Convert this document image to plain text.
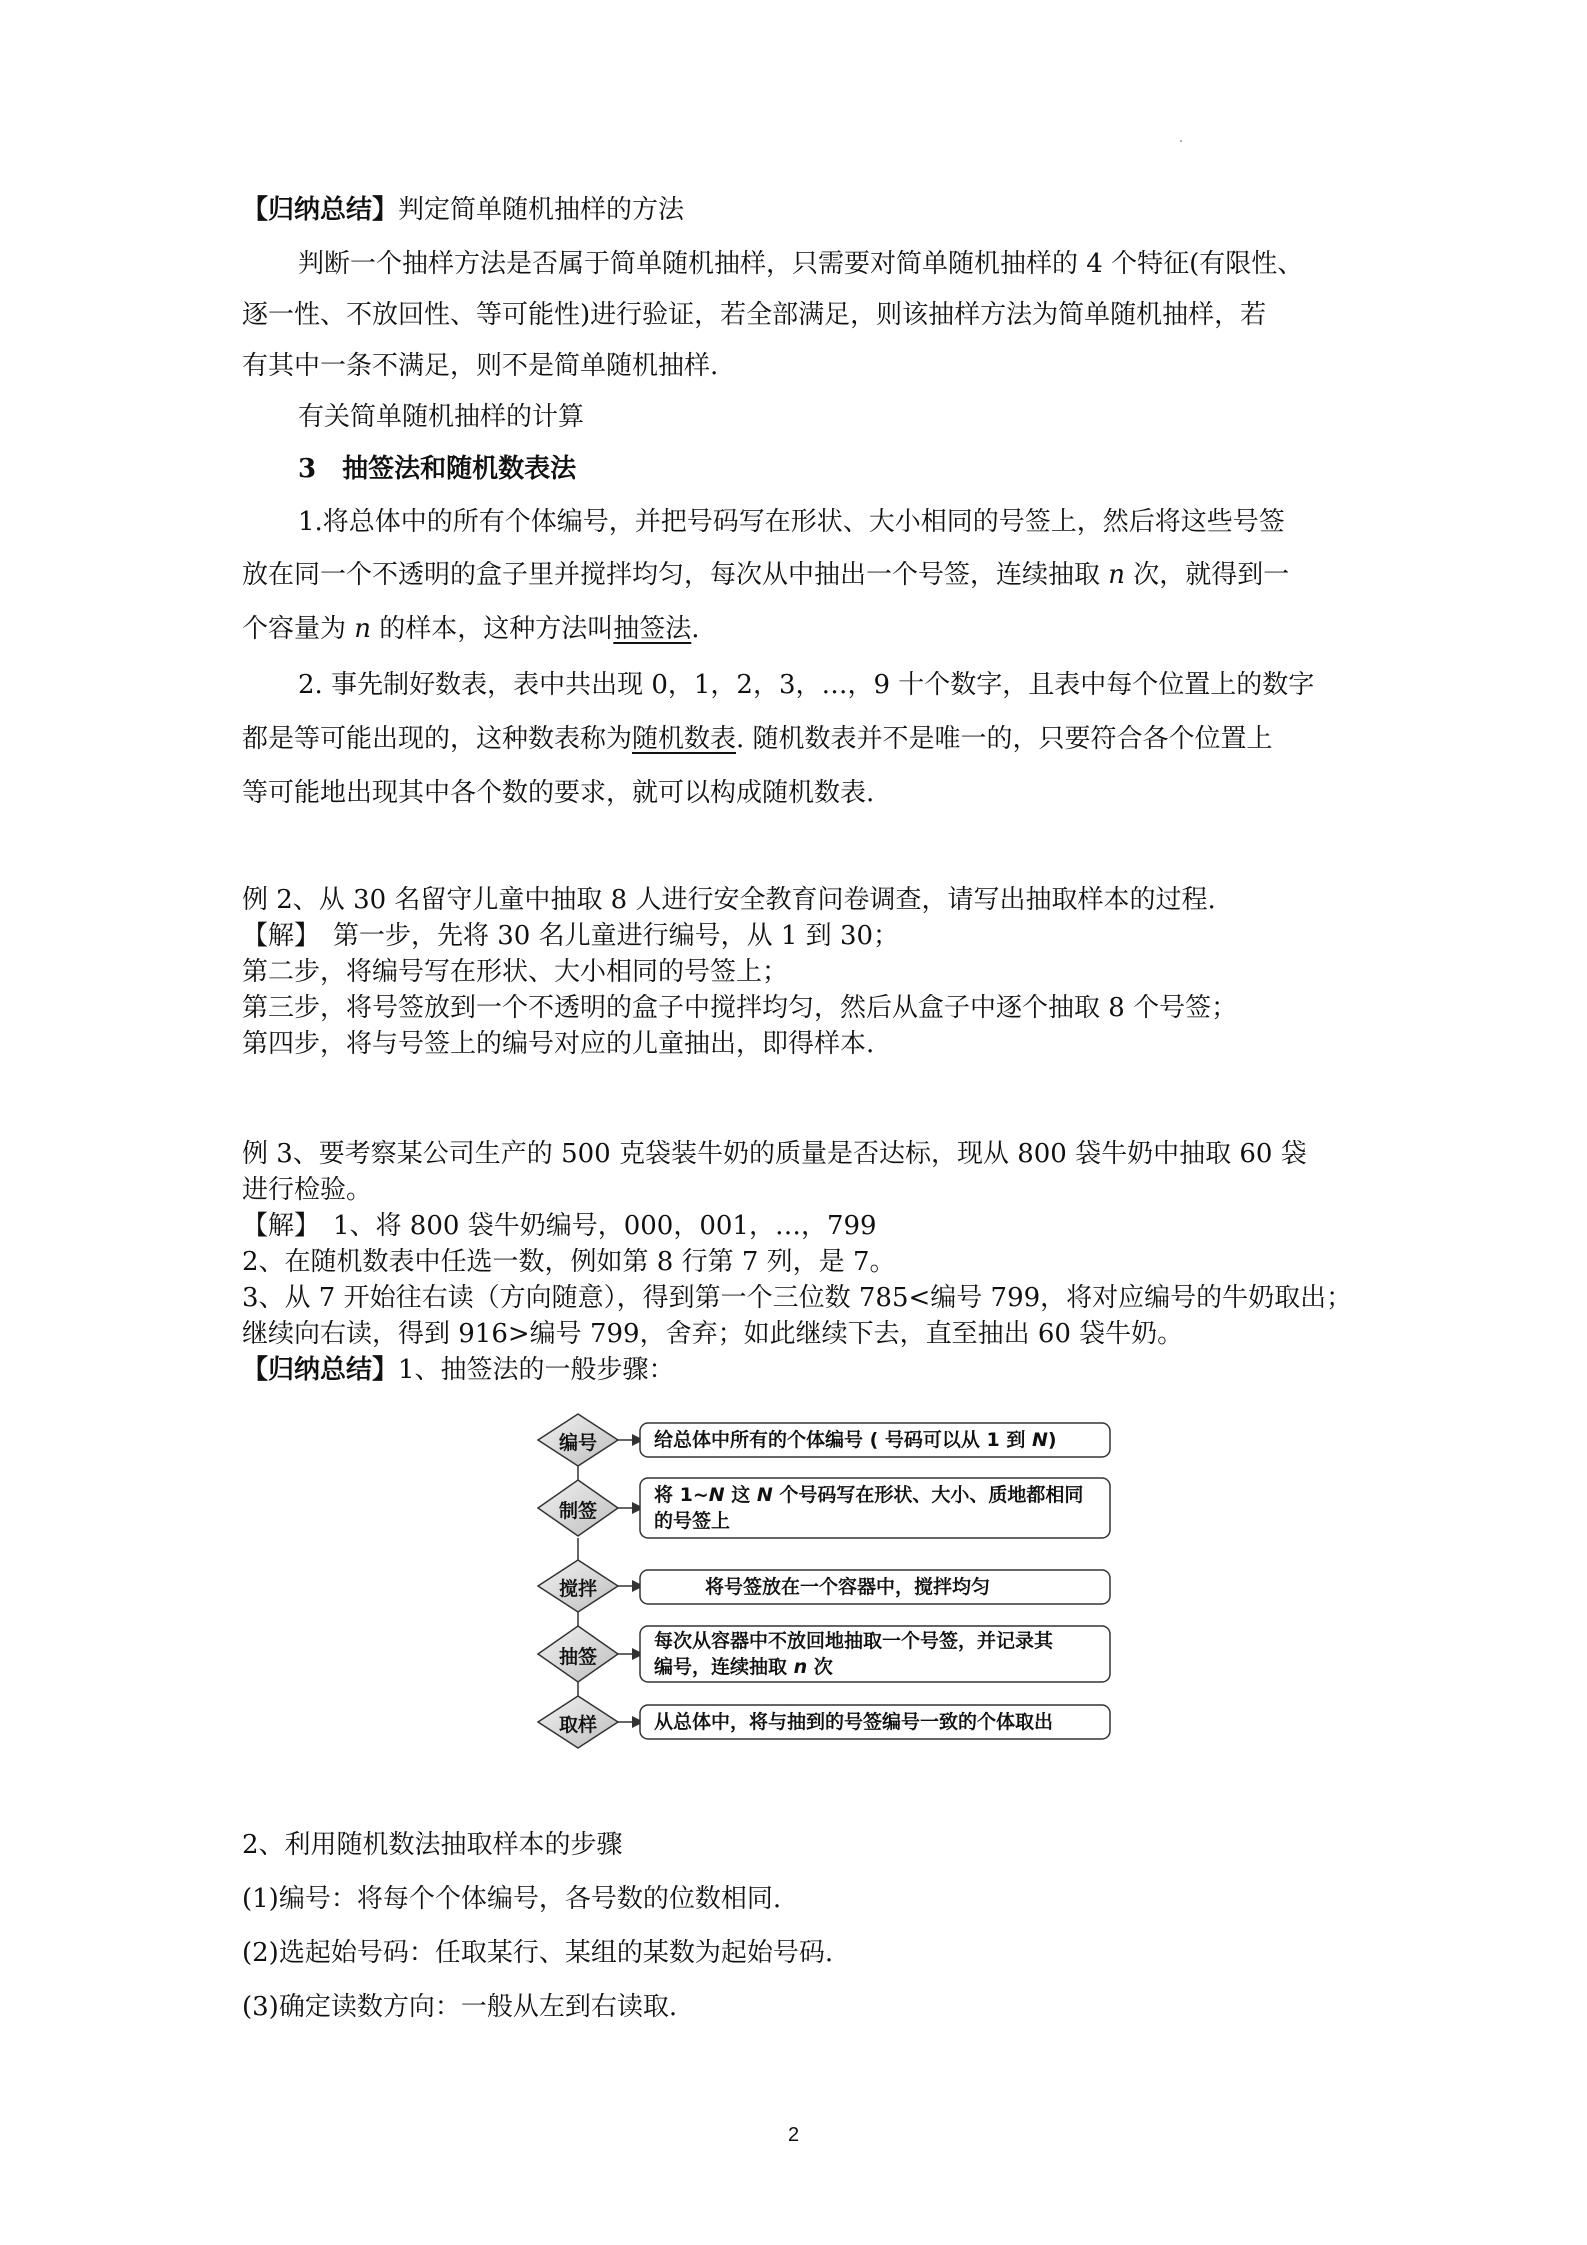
【归纳总结】判定简单随机抽样的方法
判断一个抽样方法是否属于简单随机抽样，只需要对简单随机抽样的 4 个特征(有限性、
逐一性、不放回性、等可能性)进行验证，若全部满足，则该抽样方法为简单随机抽样，若
有其中一条不满足，则不是简单随机抽样.
有关简单随机抽样的计算
3　抽签法和随机数表法
1.将总体中的所有个体编号，并把号码写在形状、大小相同的号签上，然后将这些号签
放在同一个不透明的盒子里并搅拌均匀，每次从中抽出一个号签，连续抽取 n 次，就得到一
个容量为 n 的样本，这种方法叫抽签法.
2. 事先制好数表，表中共出现 0，1，2，3，…，9 十个数字，且表中每个位置上的数字
都是等可能出现的，这种数表称为随机数表. 随机数表并不是唯一的，只要符合各个位置上
等可能地出现其中各个数的要求，就可以构成随机数表.
例 2、从 30 名留守儿童中抽取 8 人进行安全教育问卷调查，请写出抽取样本的过程.
【解】　第一步，先将 30 名儿童进行编号，从 1 到 30；
第二步，将编号写在形状、大小相同的号签上；
第三步，将号签放到一个不透明的盒子中搅拌均匀，然后从盒子中逐个抽取 8 个号签；
第四步，将与号签上的编号对应的儿童抽出，即得样本.
例 3、要考察某公司生产的 500 克袋装牛奶的质量是否达标，现从 800 袋牛奶中抽取 60 袋
进行检验。
【解】　1、将 800 袋牛奶编号，000，001，…，799
2、在随机数表中任选一数，例如第 8 行第 7 列，是 7。
3、从 7 开始往右读（方向随意），得到第一个三位数 785<编号 799，将对应编号的牛奶取出；
继续向右读，得到 916>编号 799，舍弃；如此继续下去，直至抽出 60 袋牛奶。
【归纳总结】1、抽签法的一般步骤：
编号	给总体中所有的个体编号 ( 号码可以从 1 到 N)
制签
将 1~N 这 N 个号码写在形状、大小、质地都相同
的号签上
搅拌	将号签放在一个容器中，搅拌均匀
抽签
每次从容器中不放回地抽取一个号签，并记录其
编号，连续抽取 n 次
取样	从总体中，将与抽到的号签编号一致的个体取出
2、利用随机数法抽取样本的步骤
(1)编号：将每个个体编号，各号数的位数相同.
(2)选起始号码：任取某行、某组的某数为起始号码.
(3)确定读数方向：一般从左到右读取.
2
